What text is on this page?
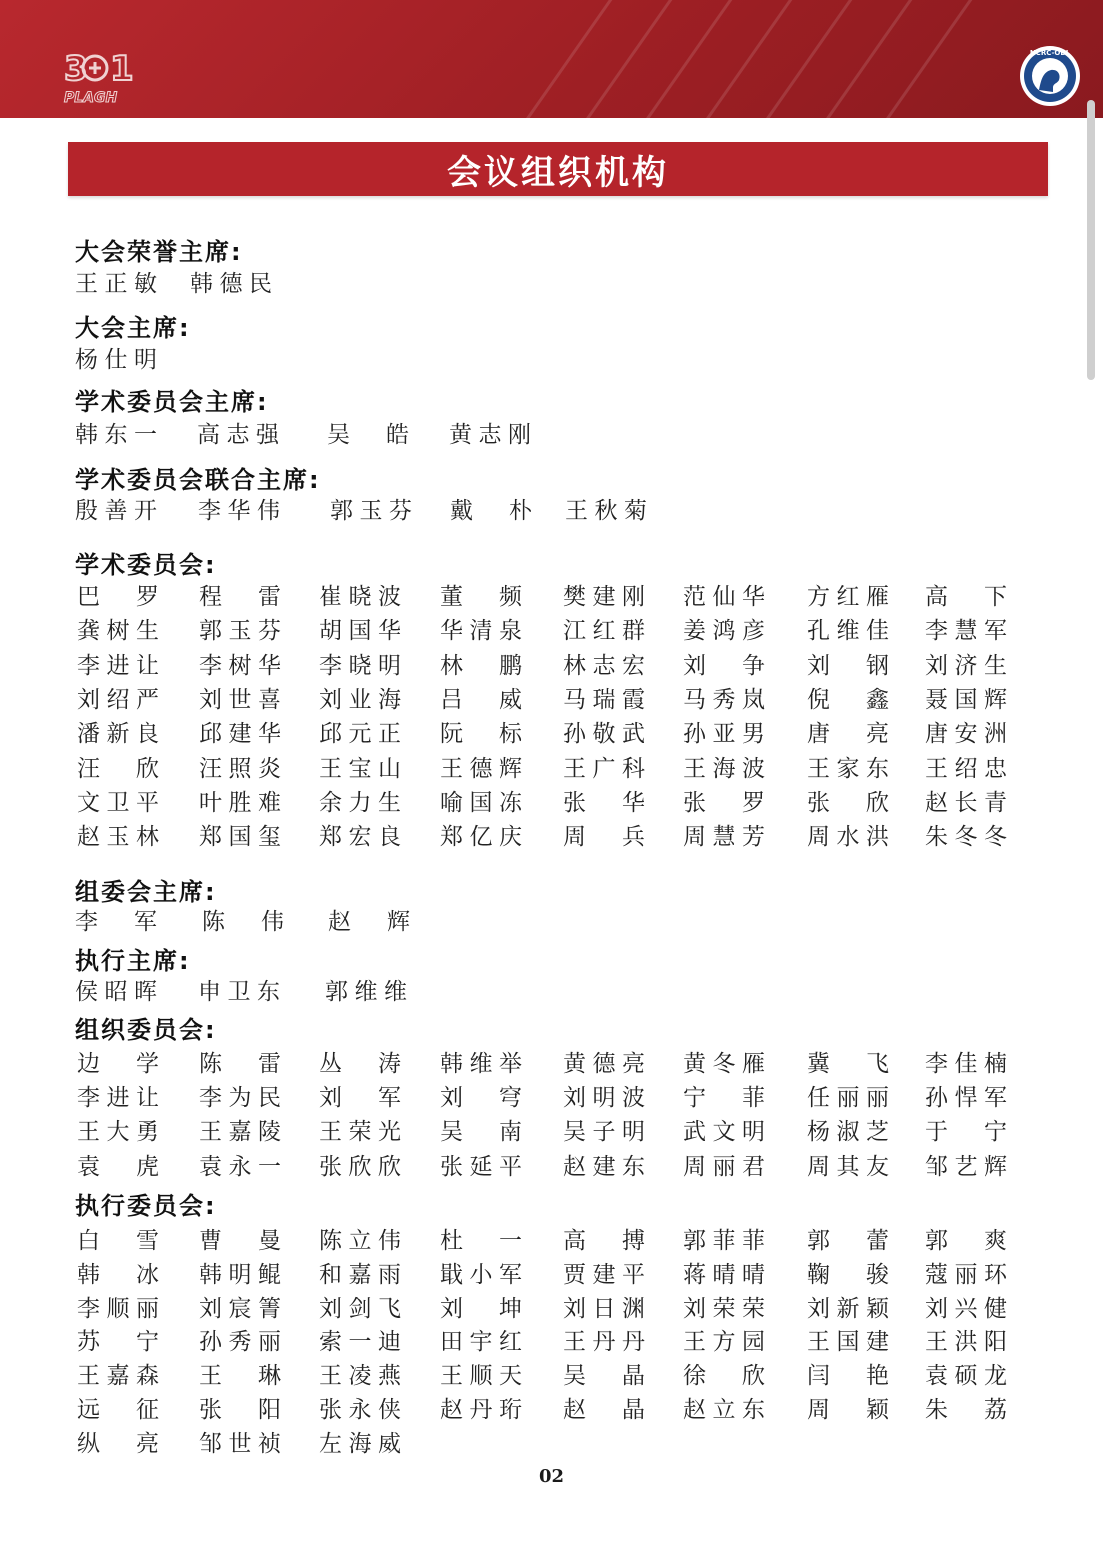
3 1
PLAGH
NCRC-OBL
会议组织机构
大会荣誉主席:
王正敏 韩德民
大会主席:
杨仕明
学术委员会主席:
韩东一 高志强 吴 皓 黄志刚
学术委员会联合主席:
殷善开 李华伟 郭玉芬 戴 朴 王秋菊
学术委员会:
巴 罗 程 雷 崔晓波 董 频 樊建刚 范仙华 方红雁 高 下
龚树生 郭玉芬 胡国华 华清泉 江红群 姜鸿彦 孔维佳 李慧军
李进让 李树华 李晓明 林 鹏 林志宏 刘 争 刘 钢 刘济生
刘绍严 刘世喜 刘业海 吕 威 马瑞霞 马秀岚 倪 鑫 聂国辉
潘新良 邱建华 邱元正 阮 标 孙敬武 孙亚男 唐 亮 唐安洲
汪 欣 汪照炎 王宝山 王德辉 王广科 王海波 王家东 王绍忠
文卫平 叶胜难 余力生 喻国冻 张 华 张 罗 张 欣 赵长青
赵玉林 郑国玺 郑宏良 郑亿庆 周 兵 周慧芳 周水洪 朱冬冬
组委会主席:
李 军 陈 伟 赵 辉
执行主席:
侯昭晖 申卫东 郭维维
组织委员会:
边 学 陈 雷 丛 涛 韩维举 黄德亮 黄冬雁 冀 飞 李佳楠
李进让 李为民 刘 军 刘 穹 刘明波 宁 菲 任丽丽 孙悍军
王大勇 王嘉陵 王荣光 吴 南 吴子明 武文明 杨淑芝 于 宁
袁 虎 袁永一 张欣欣 张延平 赵建东 周丽君 周其友 邹艺辉
执行委员会:
白 雪 曹 曼 陈立伟 杜 一 高 搏 郭菲菲 郭 蕾 郭 爽
韩 冰 韩明鲲 和嘉雨 戢小军 贾建平 蒋晴晴 鞠 骏 蔻丽环
李顺丽 刘宸箐 刘剑飞 刘 坤 刘日渊 刘荣荣 刘新颖 刘兴健
苏 宁 孙秀丽 索一迪 田宇红 王丹丹 王方园 王国建 王洪阳
王嘉森 王 琳 王凌燕 王顺天 吴 晶 徐 欣 闫 艳 袁硕龙
远 征 张 阳 张永侠 赵丹珩 赵 晶 赵立东 周 颖 朱 荔
纵 亮 邹世祯 左海威
02
